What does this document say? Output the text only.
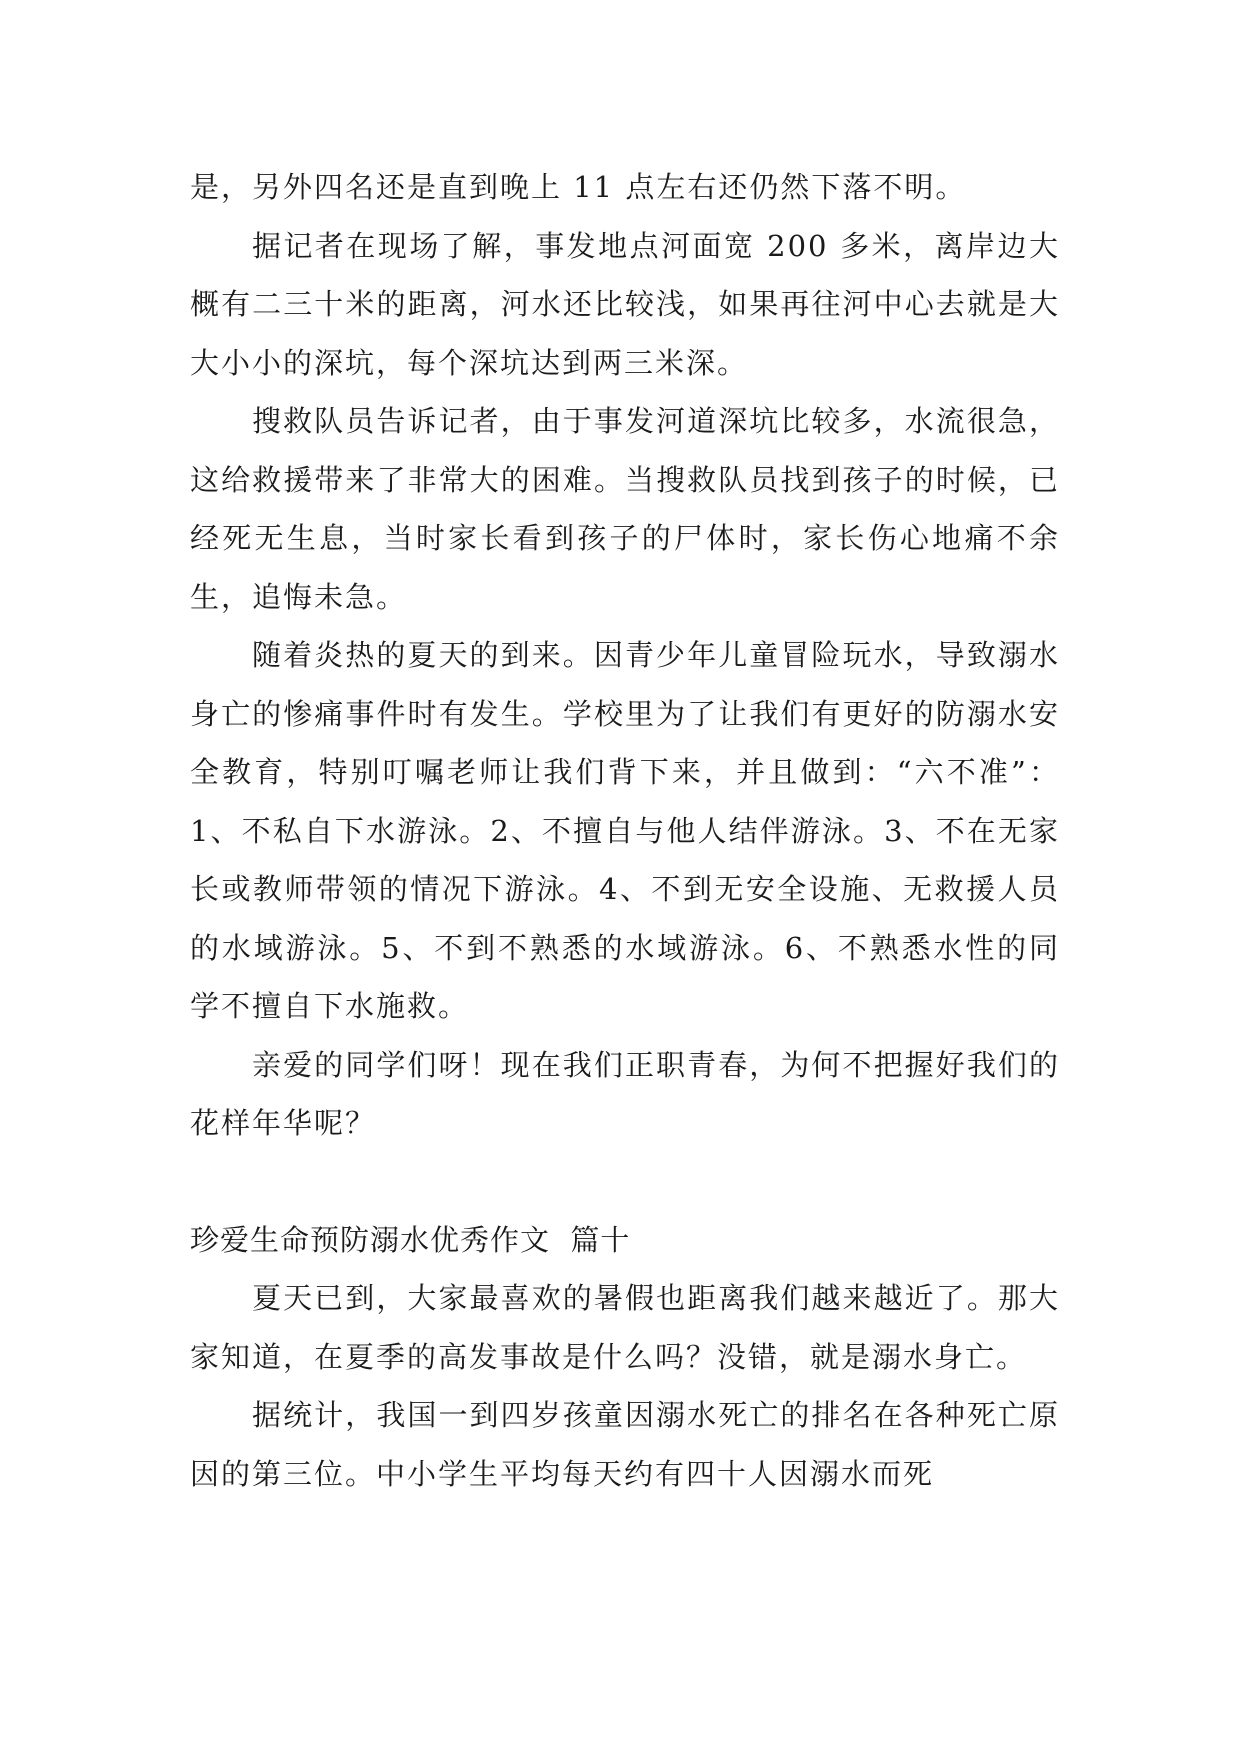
是，另外四名还是直到晚上 11 点左右还仍然下落不明。

据记者在现场了解，事发地点河面宽 200 多米，离岸边大概有二三十米的距离，河水还比较浅，如果再往河中心去就是大大小小的深坑，每个深坑达到两三米深。

搜救队员告诉记者，由于事发河道深坑比较多，水流很急，这给救援带来了非常大的困难。当搜救队员找到孩子的时候，已经死无生息，当时家长看到孩子的尸体时，家长伤心地痛不余生，追悔未急。

随着炎热的夏天的到来。因青少年儿童冒险玩水，导致溺水身亡的惨痛事件时有发生。学校里为了让我们有更好的防溺水安全教育，特别叮嘱老师让我们背下来，并且做到：“六不准”：1、不私自下水游泳。2、不擅自与他人结伴游泳。3、不在无家长或教师带领的情况下游泳。4、不到无安全设施、无救援人员的水域游泳。5、不到不熟悉的水域游泳。6、不熟悉水性的同学不擅自下水施救。

亲爱的同学们呀！现在我们正职青春，为何不把握好我们的花样年华呢？

珍爱生命预防溺水优秀作文  篇十

夏天已到，大家最喜欢的暑假也距离我们越来越近了。那大家知道，在夏季的高发事故是什么吗？没错，就是溺水身亡。

据统计，我国一到四岁孩童因溺水死亡的排名在各种死亡原因的第三位。中小学生平均每天约有四十人因溺水而死
